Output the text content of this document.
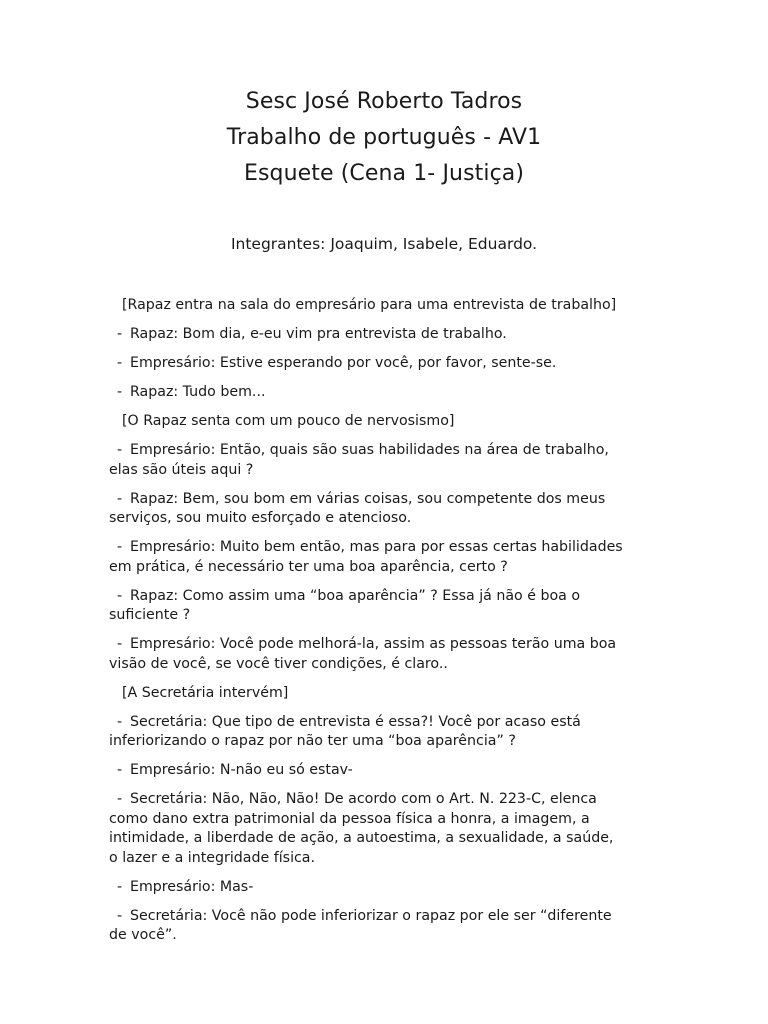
Sesc José Roberto Tadros
Trabalho de português - AV1
Esquete (Cena 1- Justiça)
Integrantes: Joaquim, Isabele, Eduardo.
[Rapaz entra na sala do empresário para uma entrevista de trabalho]
- Rapaz: Bom dia, e-eu vim pra entrevista de trabalho.
- Empresário: Estive esperando por você, por favor, sente-se.
- Rapaz: Tudo bem...
[O Rapaz senta com um pouco de nervosismo]
- Empresário: Então, quais são suas habilidades na área de trabalho,
elas são úteis aqui ?
- Rapaz: Bem, sou bom em várias coisas, sou competente dos meus
serviços, sou muito esforçado e atencioso.
- Empresário: Muito bem então, mas para por essas certas habilidades
em prática, é necessário ter uma boa aparência, certo ?
- Rapaz: Como assim uma “boa aparência” ? Essa já não é boa o
suficiente ?
- Empresário: Você pode melhorá-la, assim as pessoas terão uma boa
visão de você, se você tiver condições, é claro..
[A Secretária intervém]
- Secretária: Que tipo de entrevista é essa?! Você por acaso está
inferiorizando o rapaz por não ter uma “boa aparência” ?
- Empresário: N-não eu só estav-
- Secretária: Não, Não, Não! De acordo com o Art. N. 223-C, elenca
como dano extra patrimonial da pessoa física a honra, a imagem, a
intimidade, a liberdade de ação, a autoestima, a sexualidade, a saúde,
o lazer e a integridade física.
- Empresário: Mas-
- Secretária: Você não pode inferiorizar o rapaz por ele ser “diferente
de você”.
